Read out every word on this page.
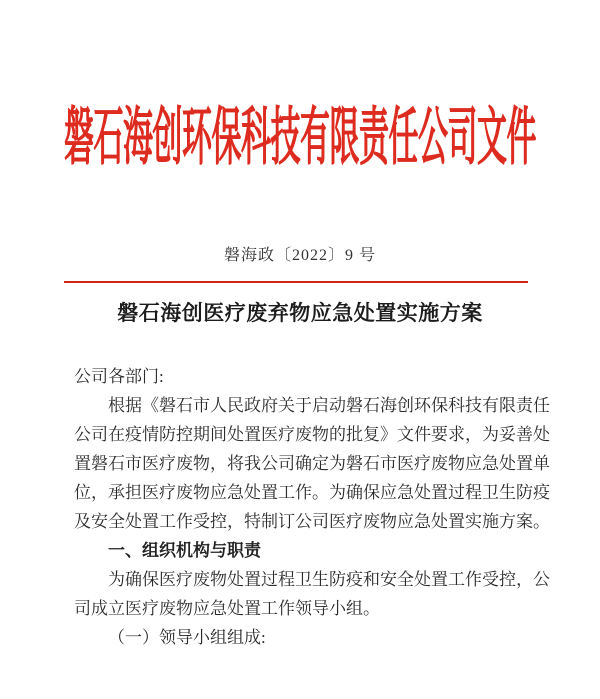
磐石海创环保科技有限责任公司文件
磐海政〔2022〕9 号
磐石海创医疗废弃物应急处置实施方案

公司各部门:

根据《磐石市人民政府关于启动磐石海创环保科技有限责任公司在疫情防控期间处置医疗废物的批复》文件要求，为妥善处置磐石市医疗废物，将我公司确定为磐石市医疗废物应急处置单位，承担医疗废物应急处置工作。为确保应急处置过程卫生防疫及安全处置工作受控，特制订公司医疗废物应急处置实施方案。

一、组织机构与职责

为确保医疗废物处置过程卫生防疫和安全处置工作受控，公司成立医疗废物应急处置工作领导小组。

（一）领导小组组成:
